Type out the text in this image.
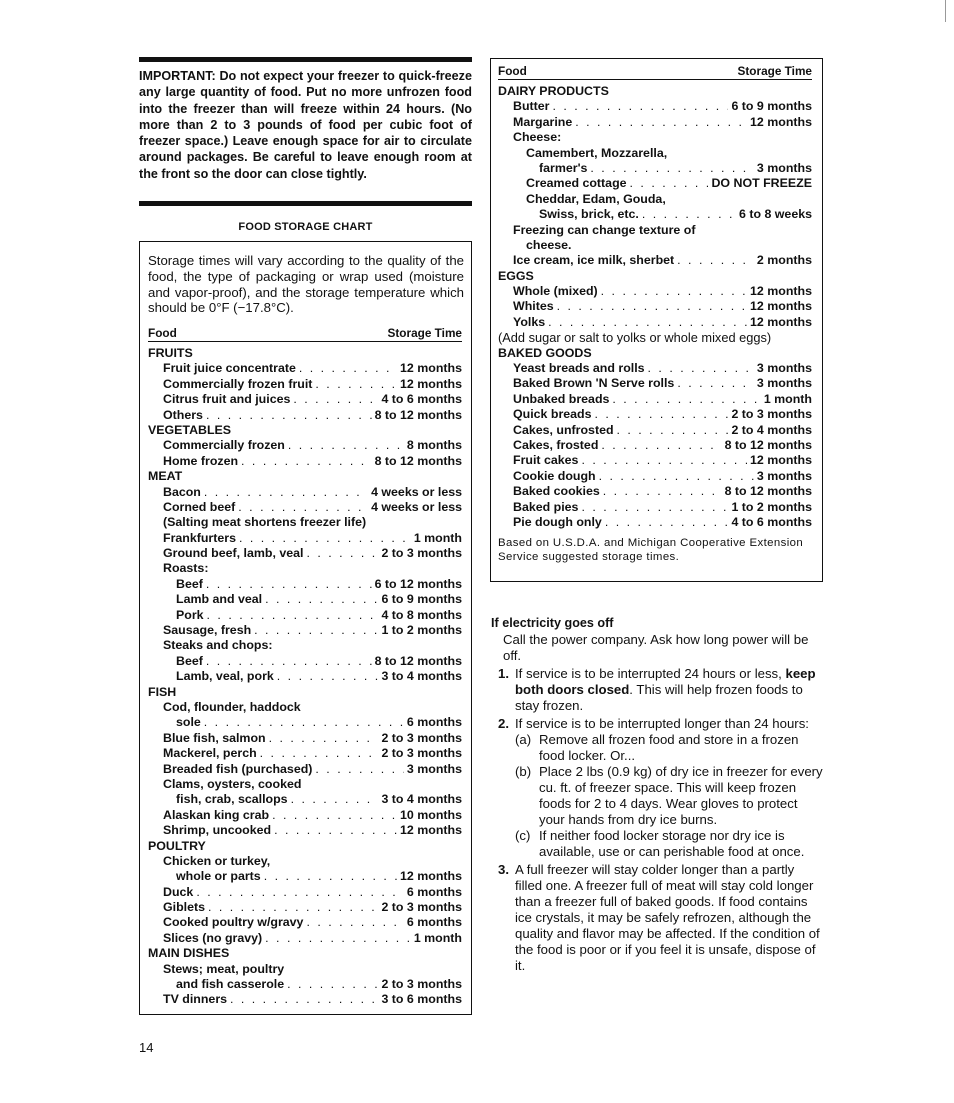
IMPORTANT: Do not expect your freezer to quick-freeze any large quantity of food. Put no more unfrozen food into the freezer than will freeze within 24 hours. (No more than 2 to 3 pounds of food per cubic foot of freezer space.) Leave enough space for air to circulate around packages. Be careful to leave enough room at the front so the door can close tightly.
FOOD STORAGE CHART
Storage times will vary according to the quality of the food, the type of packaging or wrap used (moisture and vapor-proof), and the storage temperature which should be 0°F (−17.8°C).
Food	Storage Time
FRUITS
Fruit juice concentrate . . .	12 months
Commercially frozen fruit . . .	12 months
Citrus fruit and juices . . .	4 to 6 months
Others . . .	8 to 12 months
VEGETABLES
Commercially frozen . . .	8 months
Home frozen . . .	8 to 12 months
MEAT
Bacon . . .	4 weeks or less
Corned beef . . .	4 weeks or less
(Salting meat shortens freezer life)
Frankfurters . . .	1 month
Ground beef, lamb, veal . . .	2 to 3 months
Roasts:
Beef . . .	6 to 12 months
Lamb and veal . . .	6 to 9 months
Pork . . .	4 to 8 months
Sausage, fresh . . .	1 to 2 months
Steaks and chops:
Beef . . .	8 to 12 months
Lamb, veal, pork . . .	3 to 4 months
FISH
Cod, flounder, haddock
sole . . .	6 months
Blue fish, salmon . . .	2 to 3 months
Mackerel, perch . . .	2 to 3 months
Breaded fish (purchased) . . .	3 months
Clams, oysters, cooked
fish, crab, scallops . . .	3 to 4 months
Alaskan king crab . . .	10 months
Shrimp, uncooked . . .	12 months
POULTRY
Chicken or turkey,
whole or parts . . .	12 months
Duck . . .	6 months
Giblets . . .	2 to 3 months
Cooked poultry w/gravy . . .	6 months
Slices (no gravy) . . .	1 month
MAIN DISHES
Stews; meat, poultry
and fish casserole . . .	2 to 3 months
TV dinners . . .	3 to 6 months
Food	Storage Time
DAIRY PRODUCTS
Butter . . .	6 to 9 months
Margarine . . .	12 months
Cheese:
Camembert, Mozzarella,
farmer's . . .	3 months
Creamed cottage . . .	DO NOT FREEZE
Cheddar, Edam, Gouda,
Swiss, brick, etc. . . .	6 to 8 weeks
Freezing can change texture of
cheese.
Ice cream, ice milk, sherbet . . .	2 months
EGGS
Whole (mixed) . . .	12 months
Whites . . .	12 months
Yolks . . .	12 months
(Add sugar or salt to yolks or whole mixed eggs)
BAKED GOODS
Yeast breads and rolls . . .	3 months
Baked Brown 'N Serve rolls . . .	3 months
Unbaked breads . . .	1 month
Quick breads . . .	2 to 3 months
Cakes, unfrosted . . .	2 to 4 months
Cakes, frosted . . .	8 to 12 months
Fruit cakes . . .	12 months
Cookie dough . . .	3 months
Baked cookies . . .	8 to 12 months
Baked pies . . .	1 to 2 months
Pie dough only . . .	4 to 6 months
Based on U.S.D.A. and Michigan Cooperative Extension Service suggested storage times.
If electricity goes off

Call the power company. Ask how long power will be off.

1. If service is to be interrupted 24 hours or less, keep both doors closed. This will help frozen foods to stay frozen.
2. If service is to be interrupted longer than 24 hours:
(a) Remove all frozen food and store in a frozen food locker. Or...
(b) Place 2 lbs (0.9 kg) of dry ice in freezer for every cu. ft. of freezer space. This will keep frozen foods for 2 to 4 days. Wear gloves to protect your hands from dry ice burns.
(c) If neither food locker storage nor dry ice is available, use or can perishable food at once.
3. A full freezer will stay colder longer than a partly filled one. A freezer full of meat will stay cold longer than a freezer full of baked goods. If food contains ice crystals, it may be safely refrozen, although the quality and flavor may be affected. If the condition of the food is poor or if you feel it is unsafe, dispose of it.
14
